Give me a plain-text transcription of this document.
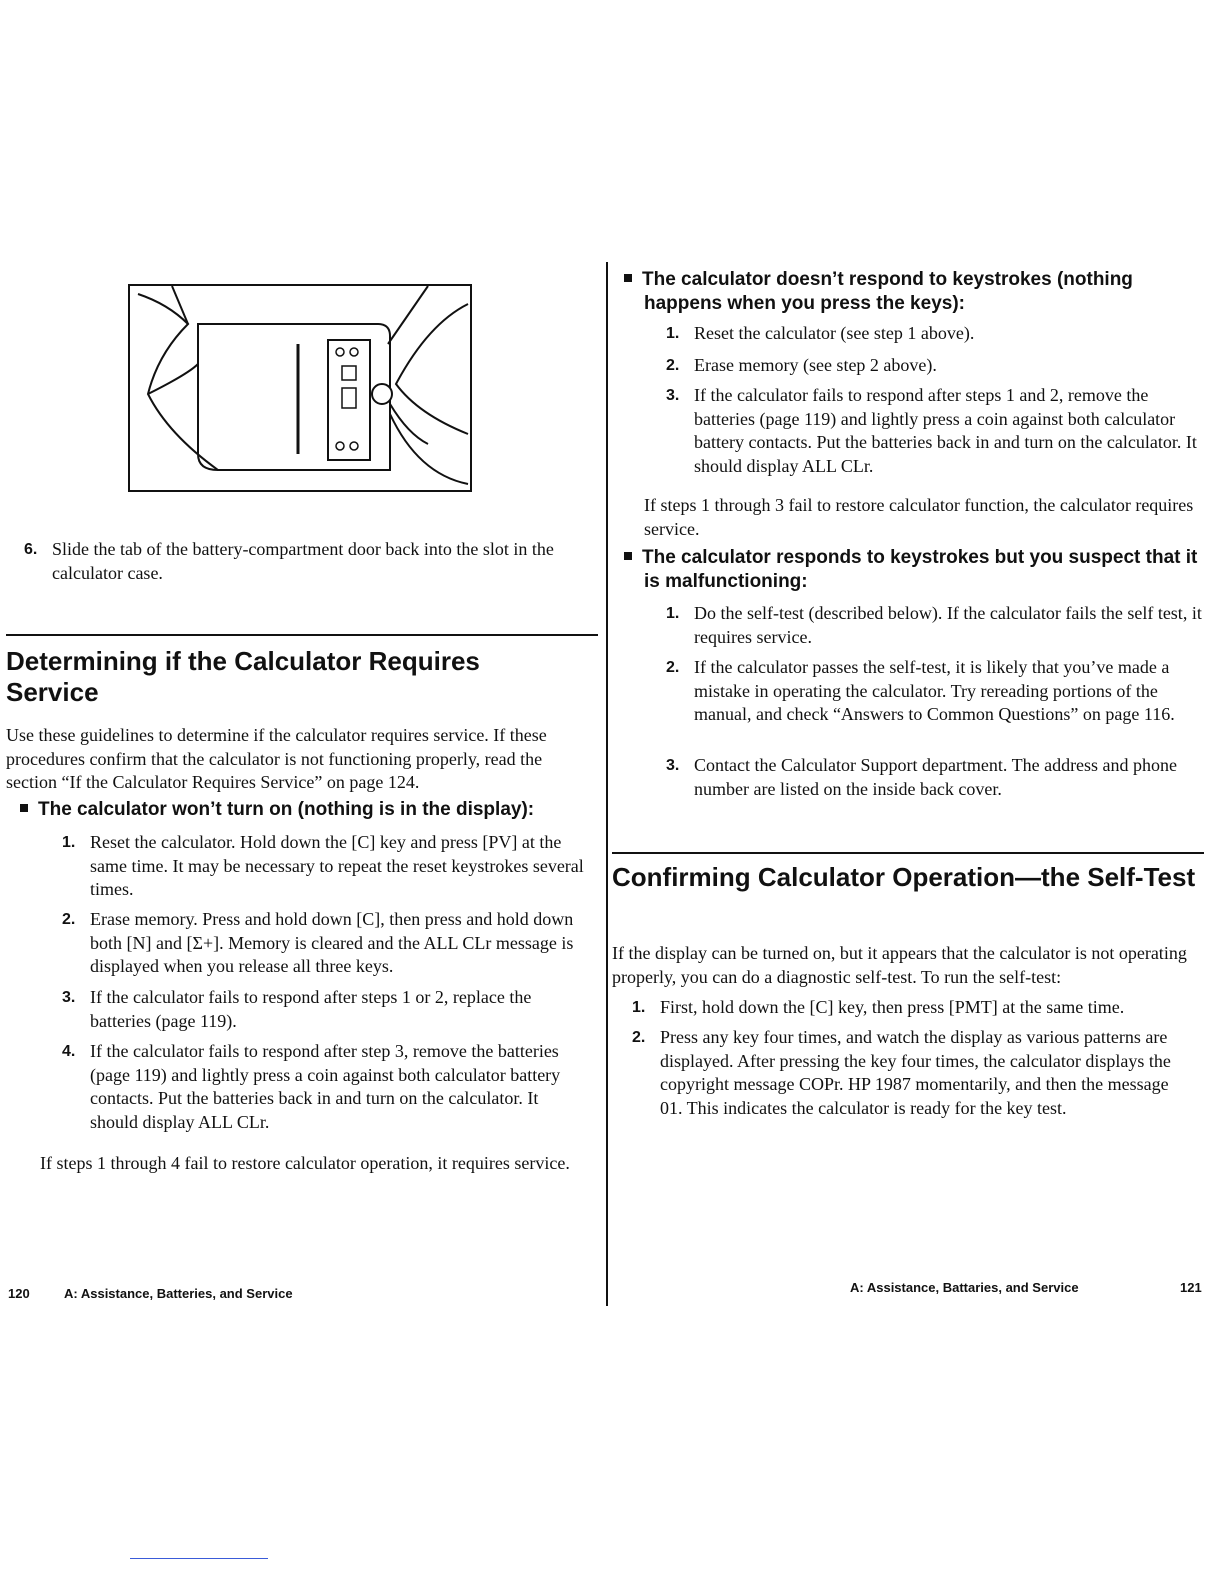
6. Slide the tab of the battery-compartment door back into the slot in the calculator case.
Determining if the Calculator Requires Service
Use these guidelines to determine if the calculator requires service. If these procedures confirm that the calculator is not functioning properly, read the section “If the Calculator Requires Service” on page 124.
The calculator won’t turn on (nothing is in the display):
1. Reset the calculator. Hold down the [C] key and press [PV] at the same time. It may be necessary to repeat the reset keystrokes several times.
2. Erase memory. Press and hold down [C], then press and hold down both [N] and [Σ+]. Memory is cleared and the ALL CLr message is displayed when you release all three keys.
3. If the calculator fails to respond after steps 1 or 2, replace the batteries (page 119).
4. If the calculator fails to respond after step 3, remove the batteries (page 119) and lightly press a coin against both calculator battery contacts. Put the batteries back in and turn on the calculator. It should display ALL CLr.
If steps 1 through 4 fail to restore calculator operation, it requires service.
120	A: Assistance, Batteries, and Service
The calculator doesn’t respond to keystrokes (nothing happens when you press the keys):
1. Reset the calculator (see step 1 above).
2. Erase memory (see step 2 above).
3. If the calculator fails to respond after steps 1 and 2, remove the batteries (page 119) and lightly press a coin against both calculator battery contacts. Put the batteries back in and turn on the calculator. It should display ALL CLr.
If steps 1 through 3 fail to restore calculator function, the calculator requires service.
The calculator responds to keystrokes but you suspect that it is malfunctioning:
1. Do the self-test (described below). If the calculator fails the self test, it requires service.
2. If the calculator passes the self-test, it is likely that you’ve made a mistake in operating the calculator. Try rereading portions of the manual, and check “Answers to Common Questions” on page 116.
3. Contact the Calculator Support department. The address and phone number are listed on the inside back cover.
Confirming Calculator Operation—the Self-Test
If the display can be turned on, but it appears that the calculator is not operating properly, you can do a diagnostic self-test. To run the self-test:
1. First, hold down the [C] key, then press [PMT] at the same time.
2. Press any key four times, and watch the display as various patterns are displayed. After pressing the key four times, the calculator displays the copyright message COPr. HP 1987 momentarily, and then the message 01. This indicates the calculator is ready for the key test.
A: Assistance, Battaries, and Service	121
